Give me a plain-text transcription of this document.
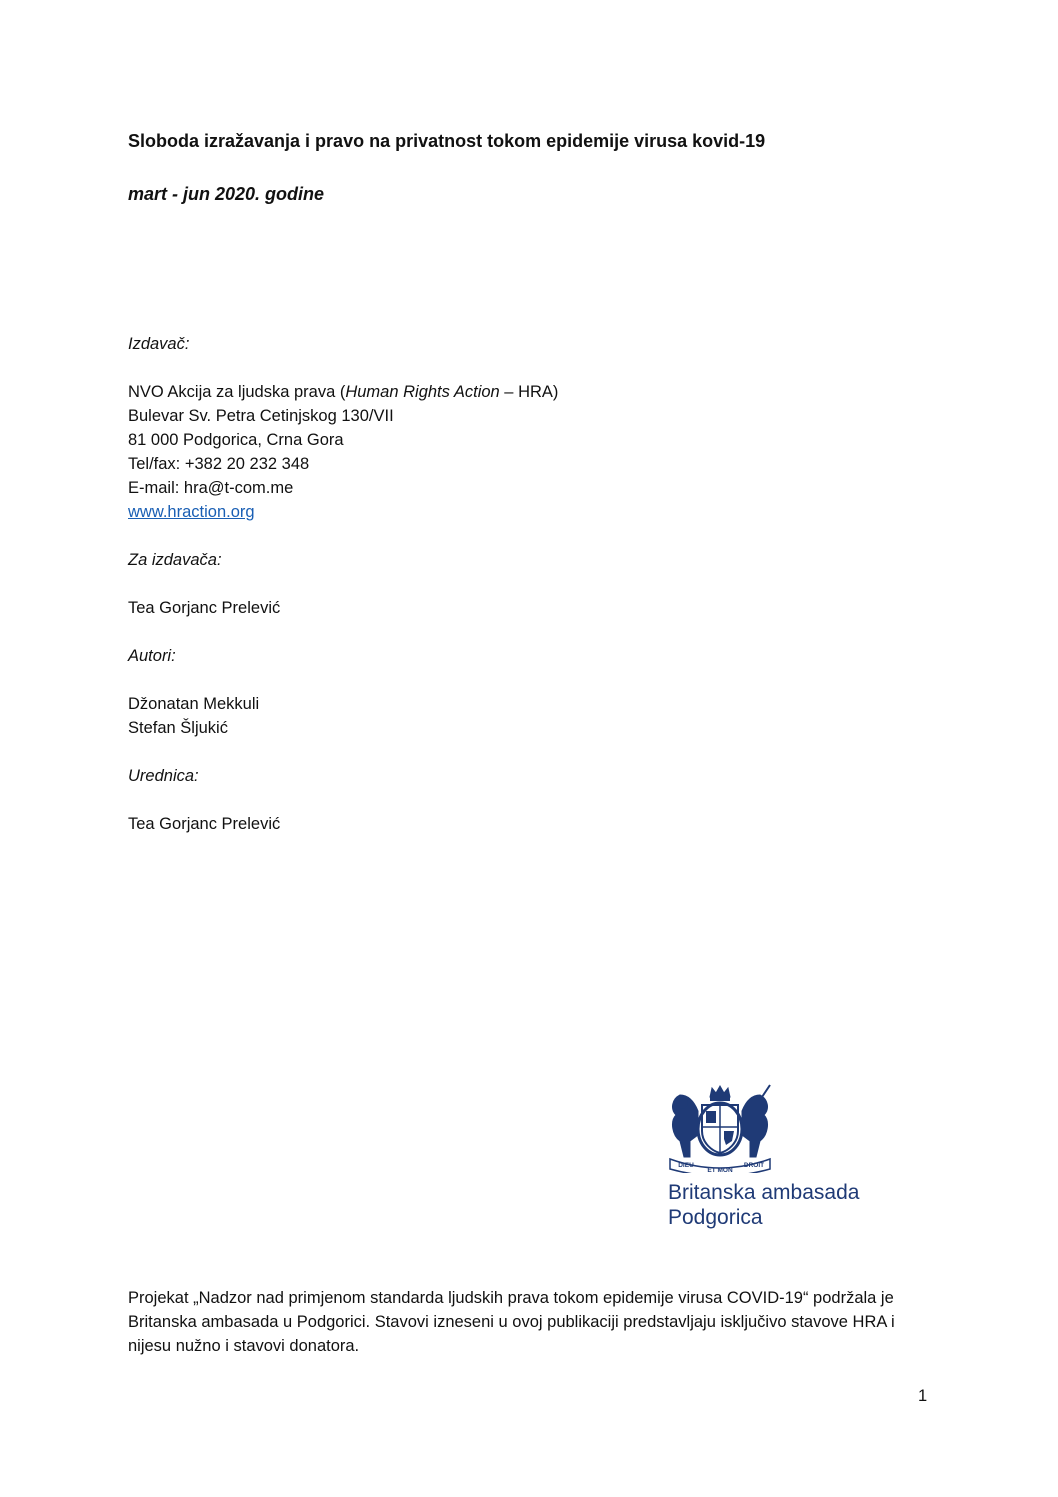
Sloboda izražavanja i pravo na privatnost tokom epidemije virusa kovid-19
mart - jun 2020. godine
Izdavač:
NVO Akcija za ljudska prava (Human Rights Action – HRA)
Bulevar Sv. Petra Cetinjskog 130/VII
81 000 Podgorica, Crna Gora
Tel/fax: +382 20 232 348
E-mail: hra@t-com.me
www.hraction.org
Za izdavača:
Tea Gorjanc Prelević
Autori:
Džonatan Mekkuli
Stefan Šljukić
Urednica:
Tea Gorjanc Prelević
DIEU
ET MON
DROIT
Britanska ambasada
Podgorica
Projekat „Nadzor nad primjenom standarda ljudskih prava tokom epidemije virusa COVID-19“ podržala je Britanska ambasada u Podgorici. Stavovi izneseni u ovoj publikaciji predstavljaju isključivo stavove HRA i nijesu nužno i stavovi donatora.
1
